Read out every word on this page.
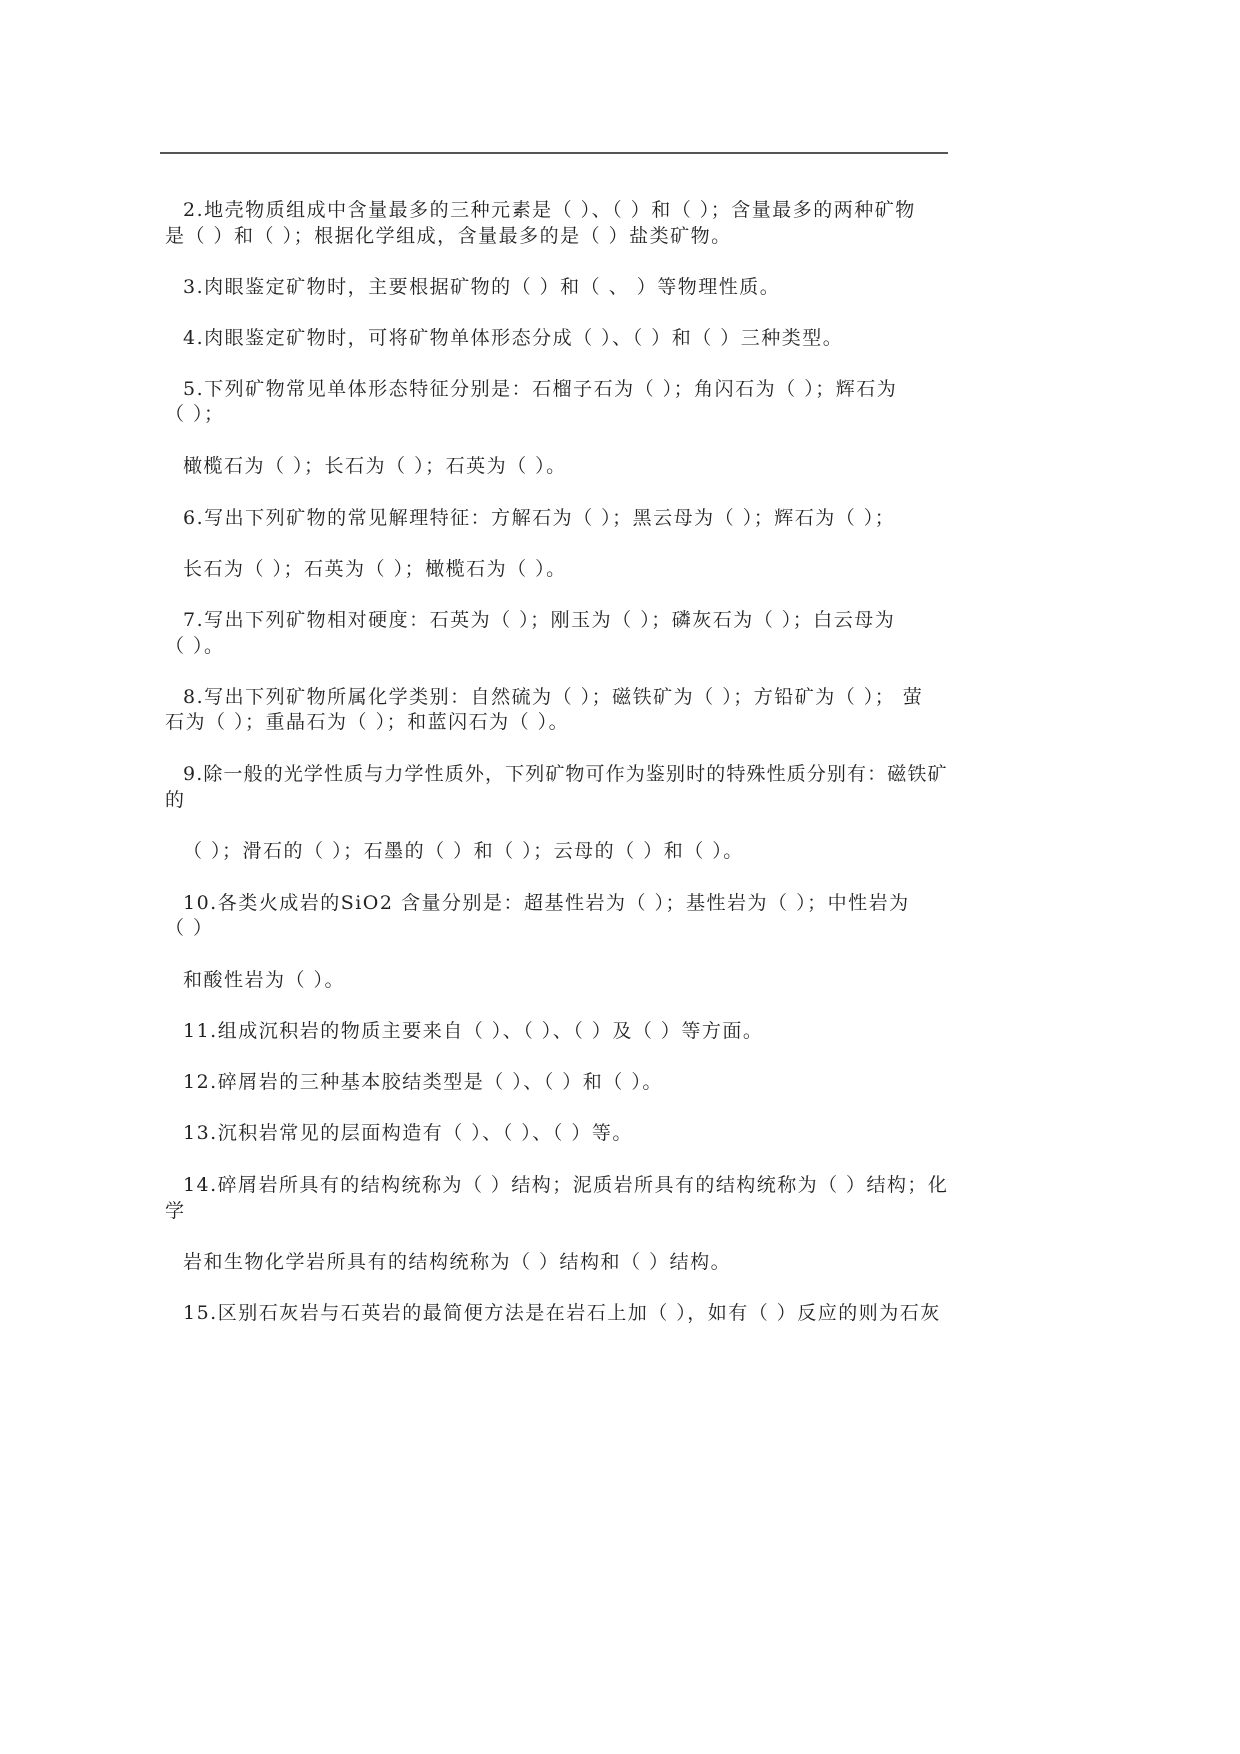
2.地壳物质组成中含量最多的三种元素是（ ）、（ ）和（ ）；含量最多的两种矿物
是（ ）和（ ）；根据化学组成，含量最多的是（ ）盐类矿物。
3.肉眼鉴定矿物时，主要根据矿物的（ ）和（ 、 ）等物理性质。
4.肉眼鉴定矿物时，可将矿物单体形态分成（ ）、（ ）和（ ）三种类型。
5.下列矿物常见单体形态特征分别是：石榴子石为（ ）；角闪石为（ ）；辉石为
（ ）；
橄榄石为（ ）；长石为（ ）；石英为（ ）。
6.写出下列矿物的常见解理特征：方解石为（ ）；黑云母为（ ）；辉石为（ ）；
长石为（ ）；石英为（ ）；橄榄石为（ ）。
7.写出下列矿物相对硬度：石英为（ ）；刚玉为（ ）；磷灰石为（ ）；白云母为
（ ）。
8.写出下列矿物所属化学类别：自然硫为（ ）；磁铁矿为（ ）；方铅矿为（ ）； 萤
石为（ ）；重晶石为（ ）；和蓝闪石为（ ）。
9.除一般的光学性质与力学性质外，下列矿物可作为鉴别时的特殊性质分别有：磁铁矿
的
（ ）；滑石的（ ）；石墨的（ ）和（ ）；云母的（ ）和（ ）。
10.各类火成岩的SiO2 含量分别是：超基性岩为（ ）；基性岩为（ ）；中性岩为
（ ）
和酸性岩为（ ）。
11.组成沉积岩的物质主要来自（ ）、（ ）、（ ）及（ ）等方面。
12.碎屑岩的三种基本胶结类型是（ ）、（ ）和（ ）。
13.沉积岩常见的层面构造有（ ）、（ ）、（ ）等。
14.碎屑岩所具有的结构统称为（ ）结构；泥质岩所具有的结构统称为（ ）结构；化
学
岩和生物化学岩所具有的结构统称为（ ）结构和（ ）结构。
15.区别石灰岩与石英岩的最简便方法是在岩石上加（ ），如有（ ）反应的则为石灰
